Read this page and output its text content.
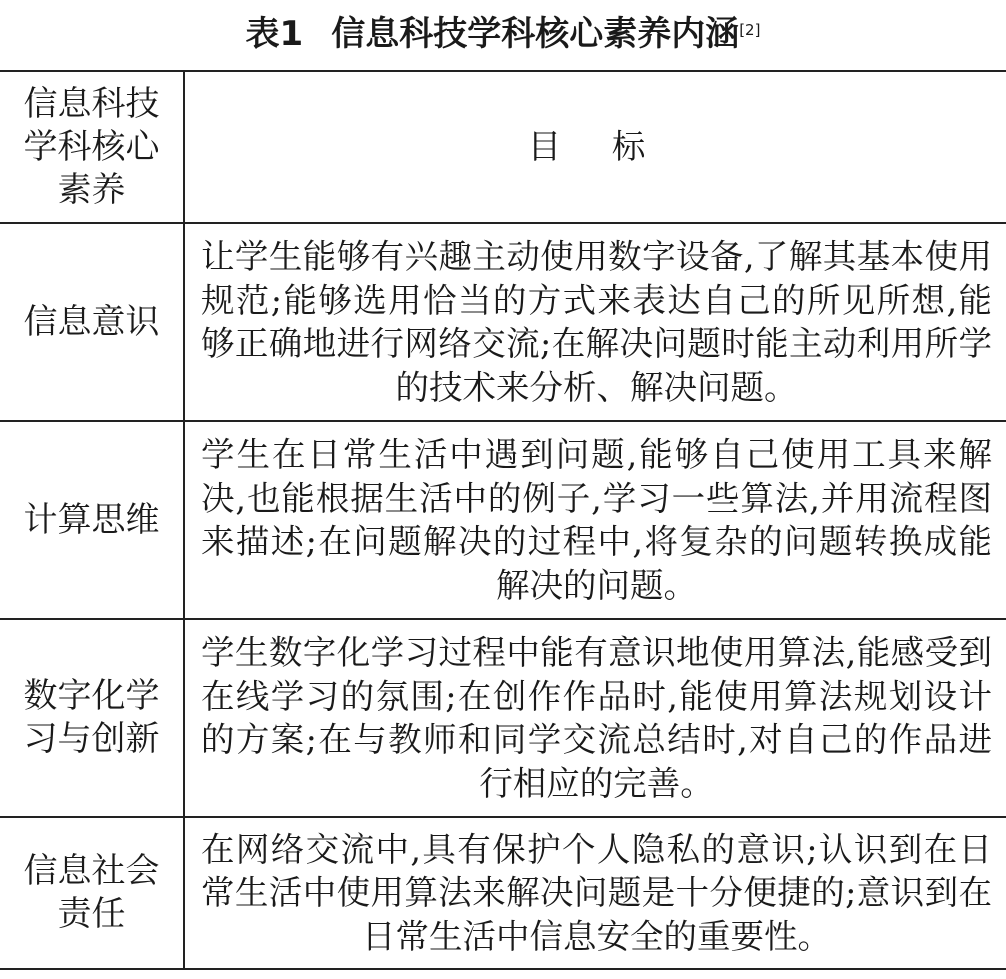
表1 信息科技学科核心素养内涵[2]
信息科技学科核心素养	目 标
信息意识	让学生能够有兴趣主动使用数字设备,了解其基本使用规范;能够选用恰当的方式来表达自己的所见所想,能够正确地进行网络交流;在解决问题时能主动利用所学的技术来分析、解决问题。
计算思维	学生在日常生活中遇到问题,能够自己使用工具来解决,也能根据生活中的例子,学习一些算法,并用流程图来描述;在问题解决的过程中,将复杂的问题转换成能解决的问题。

数字化学习与创新	学生数字化学习过程中能有意识地使用算法,能感受到在线学习的氛围;在创作作品时,能使用算法规划设计的方案;在与教师和同学交流总结时,对自己的作品进行相应的完善。

信息社会责任	在网络交流中,具有保护个人隐私的意识;认识到在日常生活中使用算法来解决问题是十分便捷的;意识到在日常生活中信息安全的重要性。
